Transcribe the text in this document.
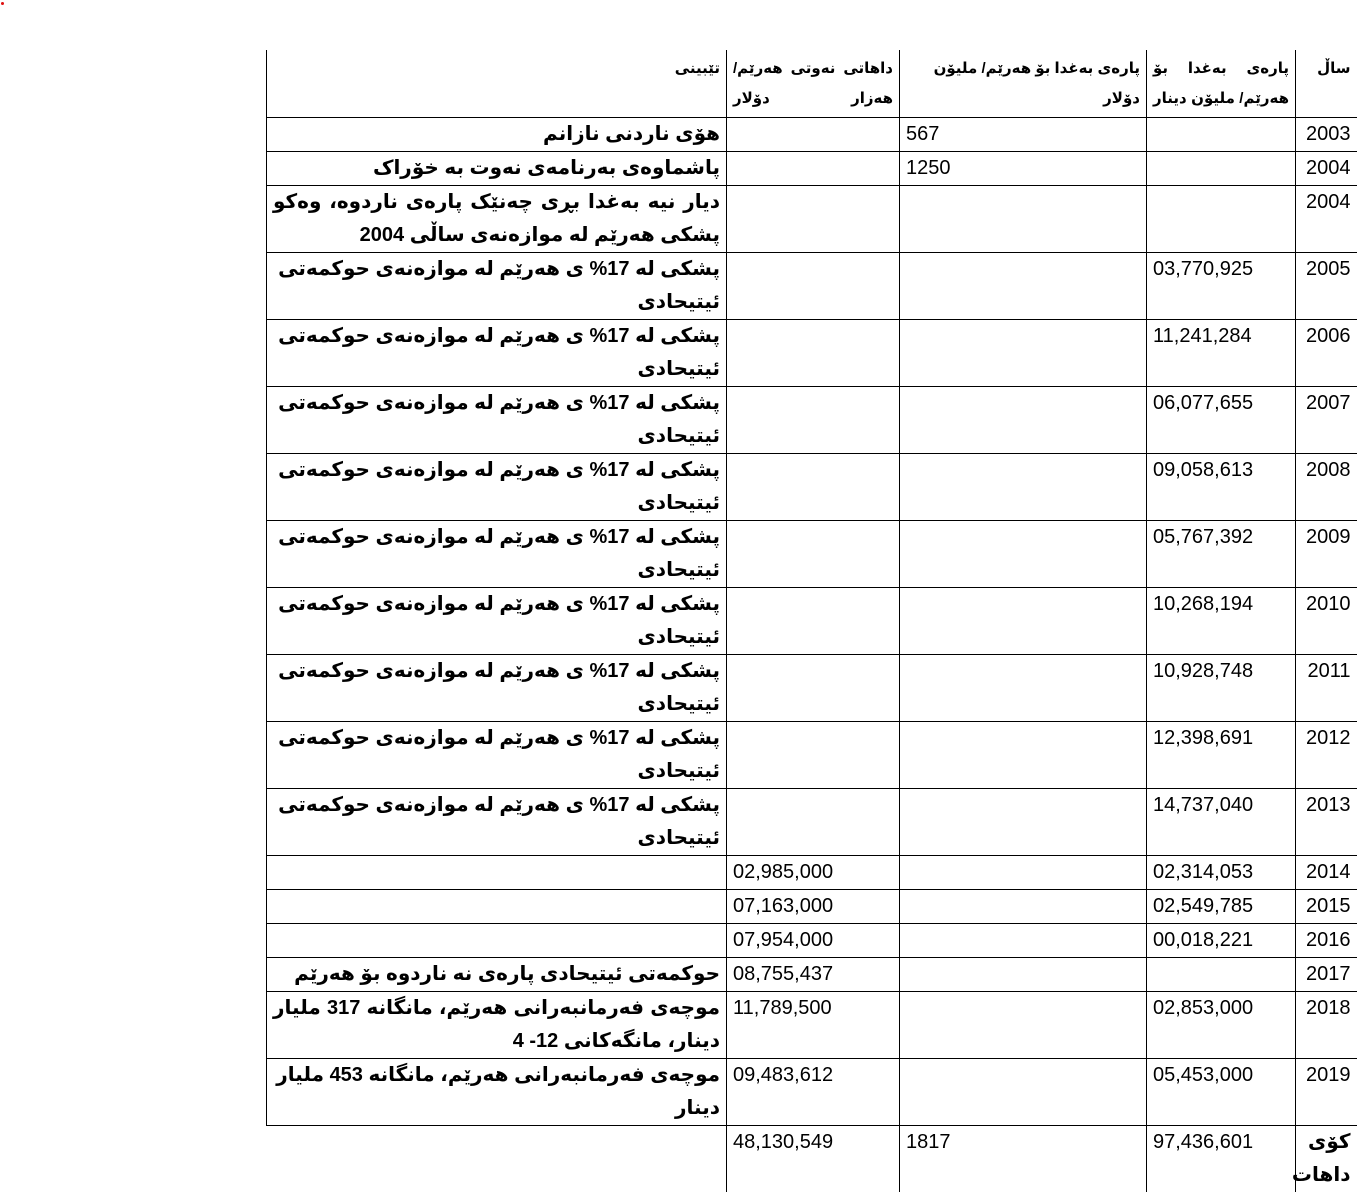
ساڵ	پارەی بەغدا بۆ هەرێم/ ملیۆن دینار	پارەی بەغدا بۆ هەرێم/ ملیۆن دۆلار	داهاتی نەوتی هەرێم/ هەزار دۆلار	تێبینی
2003		567		هۆی ناردنی نازانم
2004		1250		پاشماوەی بەرنامەی نەوت بە خۆراک
2004				دیار نیە بەغدا بڕی چەنێک پارەی ناردوە، وەکو پشکی هەرێم لە موازەنەی ساڵی 2004
2005	03,770,925			پشکی لە 17% ی هەرێم لە موازەنەی حوکمەتی ئیتیحادی
2006	11,241,284			پشکی لە 17% ی هەرێم لە موازەنەی حوکمەتی ئیتیحادی
2007	06,077,655			پشکی لە 17% ی هەرێم لە موازەنەی حوکمەتی ئیتیحادی
2008	09,058,613			پشکی لە 17% ی هەرێم لە موازەنەی حوکمەتی ئیتیحادی
2009	05,767,392			پشکی لە 17% ی هەرێم لە موازەنەی حوکمەتی ئیتیحادی
2010	10,268,194			پشکی لە 17% ی هەرێم لە موازەنەی حوکمەتی ئیتیحادی
2011	10,928,748			پشکی لە 17% ی هەرێم لە موازەنەی حوکمەتی ئیتیحادی
2012	12,398,691			پشکی لە 17% ی هەرێم لە موازەنەی حوکمەتی ئیتیحادی
2013	14,737,040			پشکی لە 17% ی هەرێم لە موازەنەی حوکمەتی ئیتیحادی
2014	02,314,053		02,985,000	
2015	02,549,785		07,163,000	
2016	00,018,221		07,954,000	
2017			08,755,437	حوکمەتی ئیتیحادی پارەی نە ناردوە بۆ هەرێم
2018	02,853,000		11,789,500	موچەی فەرمانبەرانی هەرێم، مانگانە 317 ملیار دینار، مانگەکانی 12- 4
2019	05,453,000		09,483,612	موچەی فەرمانبەرانی هەرێم، مانگانە 453 ملیار دینار
کۆی داهات	97,436,601	1817	48,130,549	
